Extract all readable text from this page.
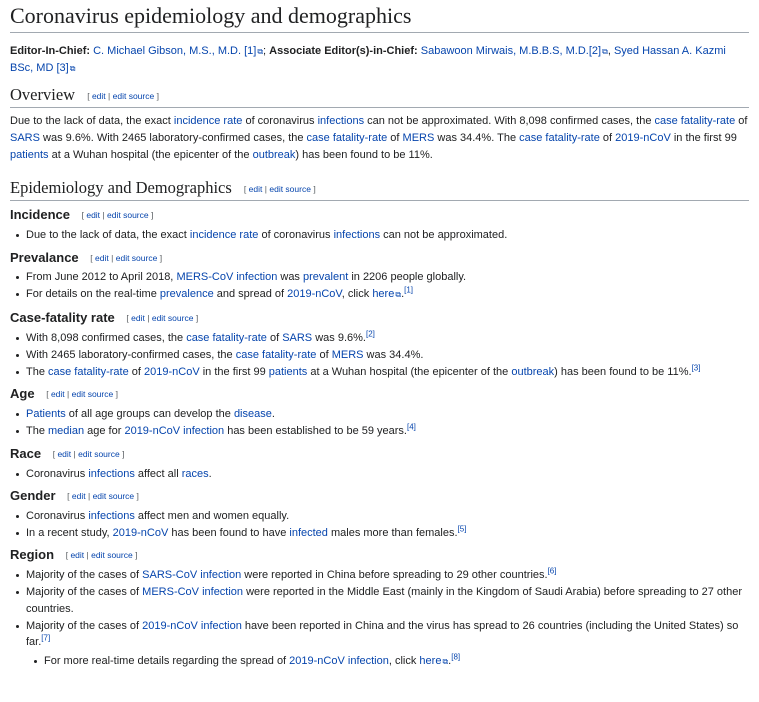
Coronavirus epidemiology and demographics
Editor-In-Chief: C. Michael Gibson, M.S., M.D. [1]⧉; Associate Editor(s)-in-Chief: Sabawoon Mirwais, M.B.B.S, M.D.[2]⧉, Syed Hassan A. Kazmi BSc, MD [3]⧉
Overview [ edit | edit source ]

Due to the lack of data, the exact incidence rate of coronavirus infections can not be approximated. With 8,098 confirmed cases, the case fatality-rate of SARS was 9.6%. With 2465 laboratory-confirmed cases, the case fatality-rate of MERS was 34.4%. The case fatality-rate of 2019-nCoV in the first 99 patients at a Wuhan hospital (the epicenter of the outbreak) has been found to be 11%.

Epidemiology and Demographics [ edit | edit source ]
Incidence [ edit | edit source ]
Due to the lack of data, the exact incidence rate of coronavirus infections can not be approximated.
Prevalance [ edit | edit source ]
From June 2012 to April 2018, MERS-CoV infection was prevalent in 2206 people globally.
For details on the real-time prevalence and spread of 2019-nCoV, click here⧉.[1]
Case-fatality rate [ edit | edit source ]
With 8,098 confirmed cases, the case fatality-rate of SARS was 9.6%.[2]
With 2465 laboratory-confirmed cases, the case fatality-rate of MERS was 34.4%.
The case fatality-rate of 2019-nCoV in the first 99 patients at a Wuhan hospital (the epicenter of the outbreak) has been found to be 11%.[3]
Age [ edit | edit source ]
Patients of all age groups can develop the disease.
The median age for 2019-nCoV infection has been established to be 59 years.[4]
Race [ edit | edit source ]
Coronavirus infections affect all races.
Gender [ edit | edit source ]
Coronavirus infections affect men and women equally.
In a recent study, 2019-nCoV has been found to have infected males more than females.[5]
Region [ edit | edit source ]
Majority of the cases of SARS-CoV infection were reported in China before spreading to 29 other countries.[6]
Majority of the cases of MERS-CoV infection were reported in the Middle East (mainly in the Kingdom of Saudi Arabia) before spreading to 27 other countries.
Majority of the cases of 2019-nCoV infection have been reported in China and the virus has spread to 26 countries (including the United States) so far.[7]
For more real-time details regarding the spread of 2019-nCoV infection, click here⧉.[8]
